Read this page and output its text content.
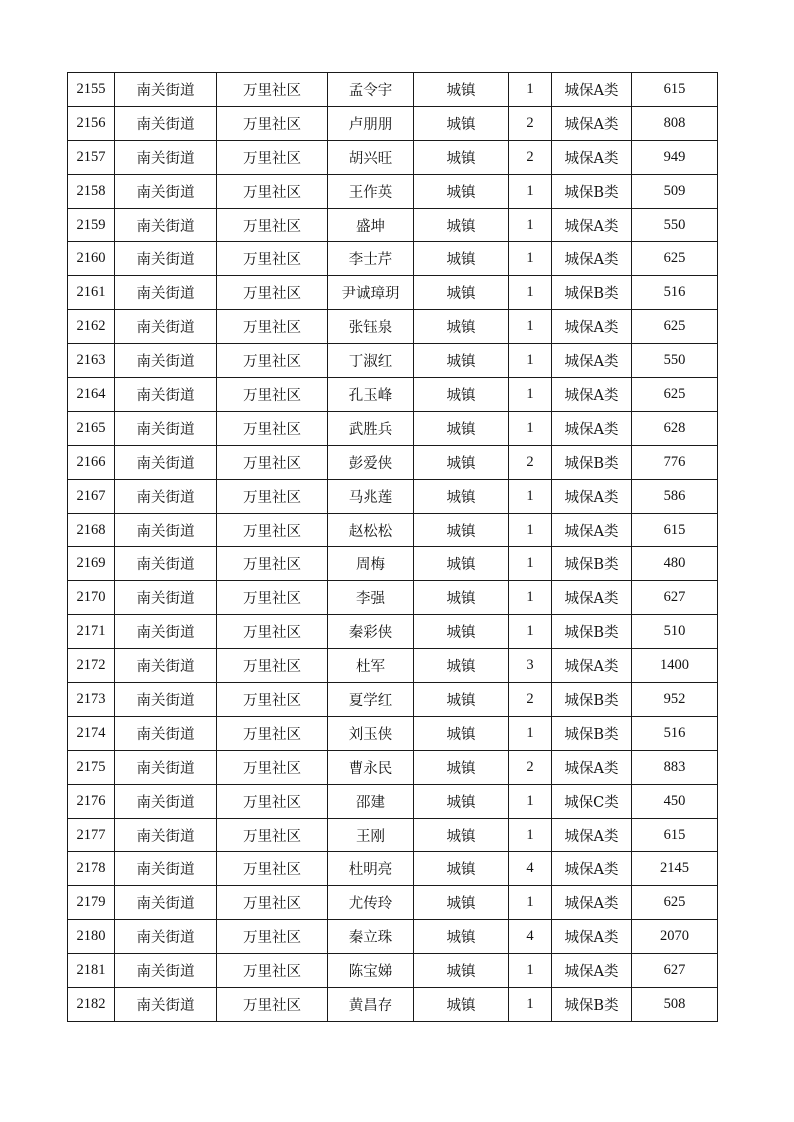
2155	南关街道	万里社区	孟令宇	城镇	1	城保A类	615
2156	南关街道	万里社区	卢朋朋	城镇	2	城保A类	808
2157	南关街道	万里社区	胡兴旺	城镇	2	城保A类	949
2158	南关街道	万里社区	王作英	城镇	1	城保B类	509
2159	南关街道	万里社区	盛坤	城镇	1	城保A类	550
2160	南关街道	万里社区	李士芹	城镇	1	城保A类	625
2161	南关街道	万里社区	尹诚璋玥	城镇	1	城保B类	516
2162	南关街道	万里社区	张钰泉	城镇	1	城保A类	625
2163	南关街道	万里社区	丁淑红	城镇	1	城保A类	550
2164	南关街道	万里社区	孔玉峰	城镇	1	城保A类	625
2165	南关街道	万里社区	武胜兵	城镇	1	城保A类	628
2166	南关街道	万里社区	彭爱侠	城镇	2	城保B类	776
2167	南关街道	万里社区	马兆莲	城镇	1	城保A类	586
2168	南关街道	万里社区	赵松松	城镇	1	城保A类	615
2169	南关街道	万里社区	周梅	城镇	1	城保B类	480
2170	南关街道	万里社区	李强	城镇	1	城保A类	627
2171	南关街道	万里社区	秦彩侠	城镇	1	城保B类	510
2172	南关街道	万里社区	杜军	城镇	3	城保A类	1400
2173	南关街道	万里社区	夏学红	城镇	2	城保B类	952
2174	南关街道	万里社区	刘玉侠	城镇	1	城保B类	516
2175	南关街道	万里社区	曹永民	城镇	2	城保A类	883
2176	南关街道	万里社区	邵建	城镇	1	城保C类	450
2177	南关街道	万里社区	王刚	城镇	1	城保A类	615
2178	南关街道	万里社区	杜明亮	城镇	4	城保A类	2145
2179	南关街道	万里社区	尤传玲	城镇	1	城保A类	625
2180	南关街道	万里社区	秦立珠	城镇	4	城保A类	2070
2181	南关街道	万里社区	陈宝娣	城镇	1	城保A类	627
2182	南关街道	万里社区	黄昌存	城镇	1	城保B类	508
